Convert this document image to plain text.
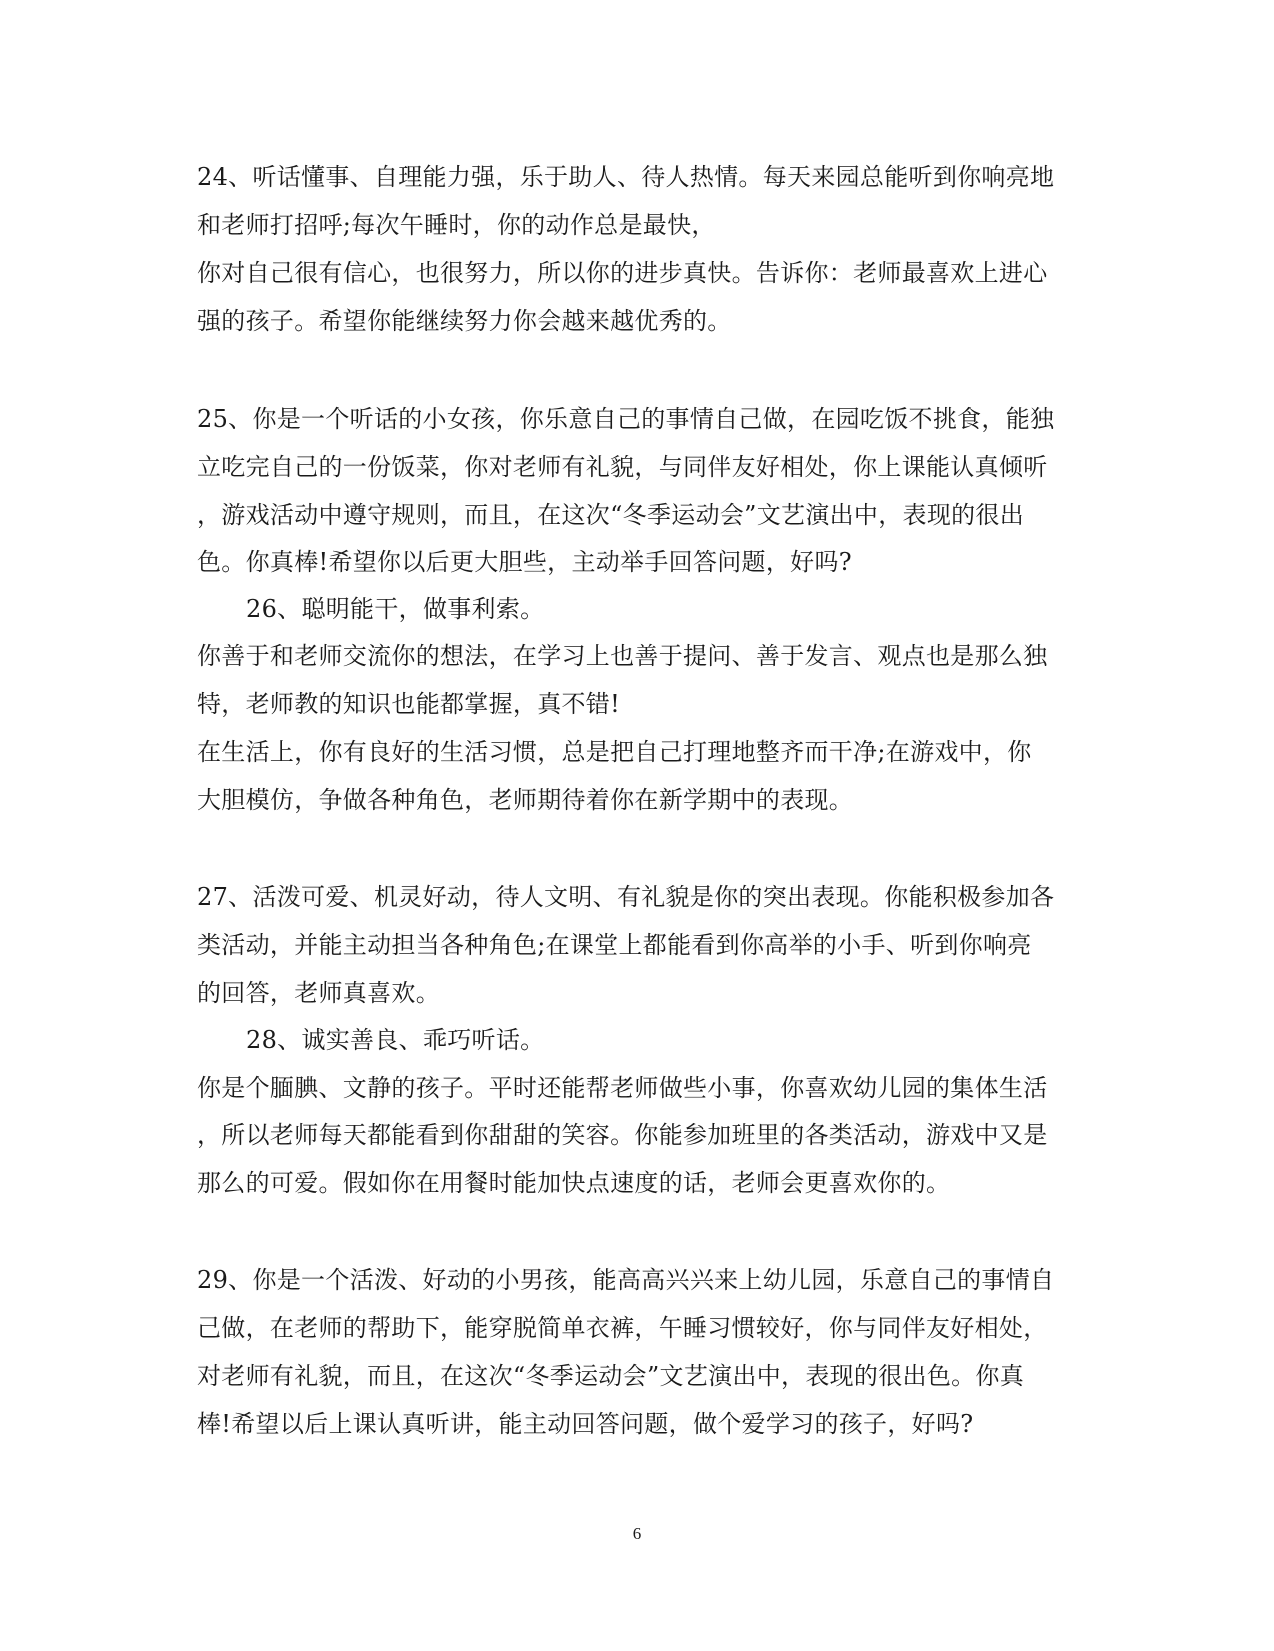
24、听话懂事、自理能力强，乐于助人、待人热情。每天来园总能听到你响亮地
和老师打招呼;每次午睡时，你的动作总是最快，
你对自己很有信心，也很努力，所以你的进步真快。告诉你：老师最喜欢上进心
强的孩子。希望你能继续努力你会越来越优秀的。
25、你是一个听话的小女孩，你乐意自己的事情自己做，在园吃饭不挑食，能独
立吃完自己的一份饭菜，你对老师有礼貌，与同伴友好相处，你上课能认真倾听
，游戏活动中遵守规则，而且，在这次“冬季运动会”文艺演出中，表现的很出
色。你真棒!希望你以后更大胆些，主动举手回答问题，好吗?
26、聪明能干，做事利索。
你善于和老师交流你的想法，在学习上也善于提问、善于发言、观点也是那么独
特，老师教的知识也能都掌握，真不错!
在生活上，你有良好的生活习惯，总是把自己打理地整齐而干净;在游戏中，你
大胆模仿，争做各种角色，老师期待着你在新学期中的表现。
27、活泼可爱、机灵好动，待人文明、有礼貌是你的突出表现。你能积极参加各
类活动，并能主动担当各种角色;在课堂上都能看到你高举的小手、听到你响亮
的回答，老师真喜欢。
28、诚实善良、乖巧听话。
你是个腼腆、文静的孩子。平时还能帮老师做些小事，你喜欢幼儿园的集体生活
，所以老师每天都能看到你甜甜的笑容。你能参加班里的各类活动，游戏中又是
那么的可爱。假如你在用餐时能加快点速度的话，老师会更喜欢你的。
29、你是一个活泼、好动的小男孩，能高高兴兴来上幼儿园，乐意自己的事情自
己做，在老师的帮助下，能穿脱简单衣裤，午睡习惯较好，你与同伴友好相处，
对老师有礼貌，而且，在这次“冬季运动会”文艺演出中，表现的很出色。你真
棒!希望以后上课认真听讲，能主动回答问题，做个爱学习的孩子，好吗?
6
